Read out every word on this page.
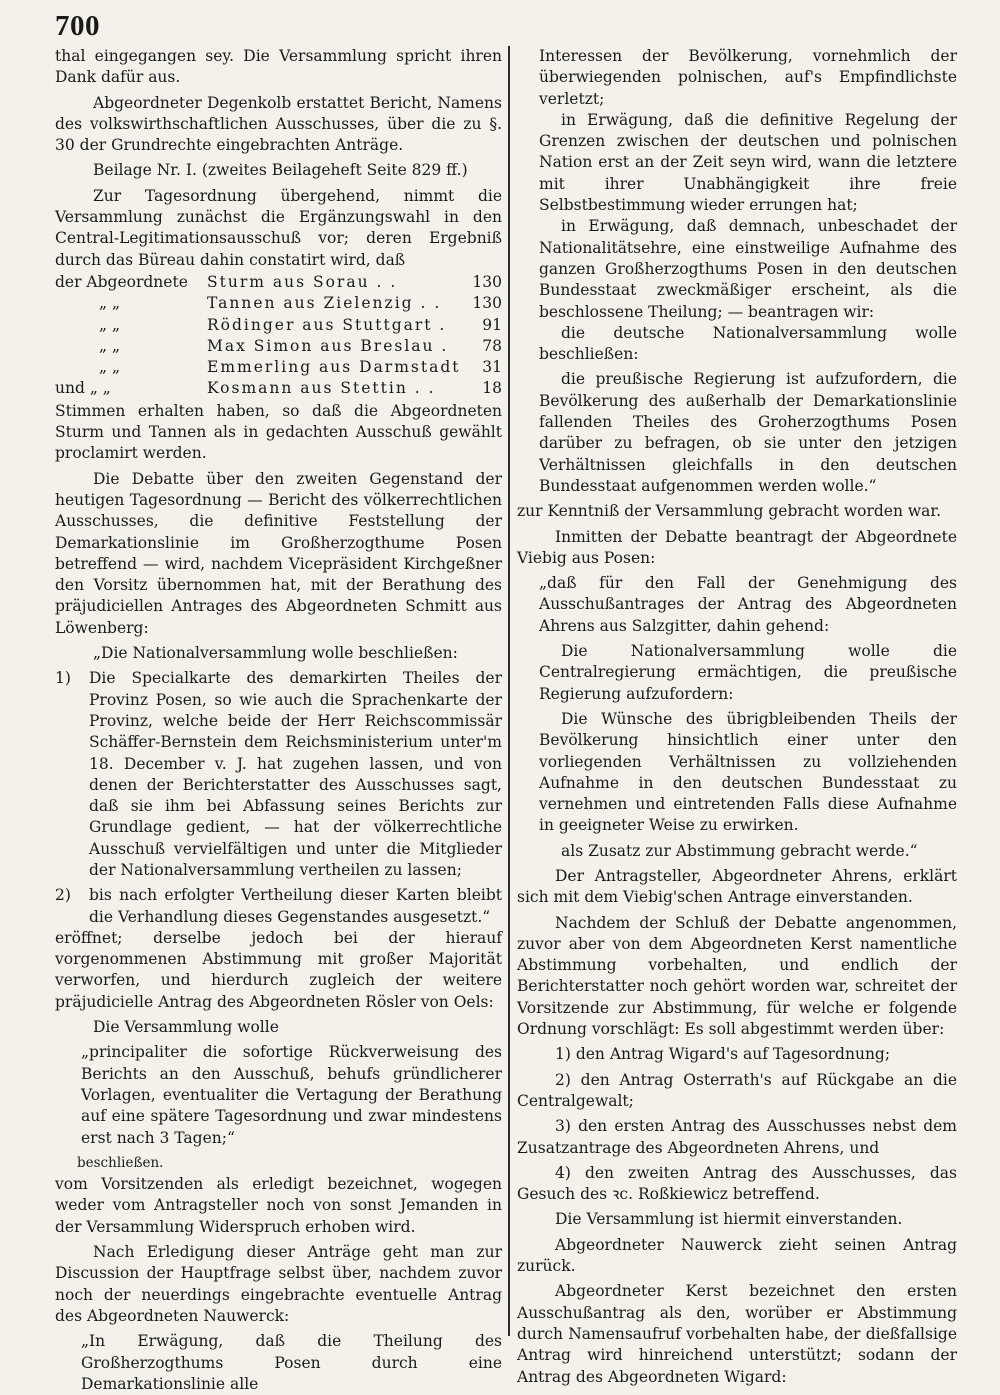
700

thal eingegangen sey. Die Versammlung spricht ihren Dank dafür aus.

Abgeordneter Degenkolb erstattet Bericht, Namens des volkswirthschaftlichen Ausschusses, über die zu §. 30 der Grundrechte eingebrachten Anträge.

Beilage Nr. I. (zweites Beilageheft Seite 829 ff.)

Zur Tagesordnung übergehend, nimmt die Versammlung zunächst die Ergänzungswahl in den Central-Legitimationsausschuß vor; deren Ergebniß durch das Büreau dahin constatirt wird, daß

der Abgeordnete	Sturm aus Sorau . .	130
„ „	Tannen aus Zielenzig . .	130
„ „	Rödinger aus Stuttgart .	91
„ „	Max Simon aus Breslau .	78
„ „	Emmerling aus Darmstadt	31
und „ „	Kosmann aus Stettin . .	18

Stimmen erhalten haben, so daß die Abgeordneten Sturm und Tannen als in gedachten Ausschuß gewählt proclamirt werden.

Die Debatte über den zweiten Gegenstand der heutigen Tagesordnung — Bericht des völkerrechtlichen Ausschusses, die definitive Feststellung der Demarkationslinie im Großherzogthume Posen betreffend — wird, nachdem Vicepräsident Kirchgeßner den Vorsitz übernommen hat, mit der Berathung des präjudiciellen Antrages des Abgeordneten Schmitt aus Löwenberg:

„Die Nationalversammlung wolle beschließen:

1)	Die Specialkarte des demarkirten Theiles der Provinz Posen, so wie auch die Sprachenkarte der Provinz, welche beide der Herr Reichscommissär Schäffer-Bernstein dem Reichsministerium unter'm 18. December v. J. hat zugehen lassen, und von denen der Berichterstatter des Ausschusses sagt, daß sie ihm bei Abfassung seines Berichts zur Grundlage gedient, — hat der völkerrechtliche Ausschuß vervielfältigen und unter die Mitglieder der Nationalversammlung vertheilen zu lassen;
2)	bis nach erfolgter Vertheilung dieser Karten bleibt die Verhandlung dieses Gegenstandes ausgesetzt.“

eröffnet; derselbe jedoch bei der hierauf vorgenommenen Abstimmung mit großer Majorität verworfen, und hierdurch zugleich der weitere präjudicielle Antrag des Abgeordneten Rösler von Oels:

Die Versammlung wolle

„principaliter die sofortige Rückverweisung des Berichts an den Ausschuß, behufs gründlicherer Vorlagen, eventualiter die Vertagung der Berathung auf eine spätere Tagesordnung und zwar mindestens erst nach 3 Tagen;“

beschließen.

vom Vorsitzenden als erledigt bezeichnet, wogegen weder vom Antragsteller noch von sonst Jemanden in der Versammlung Widerspruch erhoben wird.

Nach Erledigung dieser Anträge geht man zur Discussion der Hauptfrage selbst über, nachdem zuvor noch der neuerdings eingebrachte eventuelle Antrag des Abgeordneten Nauwerck:

„In Erwägung, daß die Theilung des Großherzogthums Posen durch eine Demarkationslinie alle

Interessen der Bevölkerung, vornehmlich der überwiegenden polnischen, auf's Empfindlichste verletzt;

in Erwägung, daß die definitive Regelung der Grenzen zwischen der deutschen und polnischen Nation erst an der Zeit seyn wird, wann die letztere mit ihrer Unabhängigkeit ihre freie Selbstbestimmung wieder errungen hat;

in Erwägung, daß demnach, unbeschadet der Nationalitätsehre, eine einstweilige Aufnahme des ganzen Großherzogthums Posen in den deutschen Bundesstaat zweckmäßiger erscheint, als die beschlossene Theilung; — beantragen wir:

die deutsche Nationalversammlung wolle beschließen:

die preußische Regierung ist aufzufordern, die Bevölkerung des außerhalb der Demarkationslinie fallenden Theiles des Groherzogthums Posen darüber zu befragen, ob sie unter den jetzigen Verhältnissen gleichfalls in den deutschen Bundesstaat aufgenommen werden wolle.“

zur Kenntniß der Versammlung gebracht worden war.

Inmitten der Debatte beantragt der Abgeordnete Viebig aus Posen:

„daß für den Fall der Genehmigung des Ausschußantrages der Antrag des Abgeordneten Ahrens aus Salzgitter, dahin gehend:

Die Nationalversammlung wolle die Centralregierung ermächtigen, die preußische Regierung aufzufordern:

Die Wünsche des übrigbleibenden Theils der Bevölkerung hinsichtlich einer unter den vorliegenden Verhältnissen zu vollziehenden Aufnahme in den deutschen Bundesstaat zu vernehmen und eintretenden Falls diese Aufnahme in geeigneter Weise zu erwirken.

als Zusatz zur Abstimmung gebracht werde.“

Der Antragsteller, Abgeordneter Ahrens, erklärt sich mit dem Viebig'schen Antrage einverstanden.

Nachdem der Schluß der Debatte angenommen, zuvor aber von dem Abgeordneten Kerst namentliche Abstimmung vorbehalten, und endlich der Berichterstatter noch gehört worden war, schreitet der Vorsitzende zur Abstimmung, für welche er folgende Ordnung vorschlägt: Es soll abgestimmt werden über:

1) den Antrag Wigard's auf Tagesordnung;

2) den Antrag Osterrath's auf Rückgabe an die Centralgewalt;

3) den ersten Antrag des Ausschusses nebst dem Zusatzantrage des Abgeordneten Ahrens, und

4) den zweiten Antrag des Ausschusses, das Gesuch des ꝛc. Roßkiewicz betreffend.

Die Versammlung ist hiermit einverstanden.

Abgeordneter Nauwerck zieht seinen Antrag zurück.

Abgeordneter Kerst bezeichnet den ersten Ausschußantrag als den, worüber er Abstimmung durch Namensaufruf vorbehalten habe, der dießfallsige Antrag wird hinreichend unterstützt; sodann der Antrag des Abgeordneten Wigard:
